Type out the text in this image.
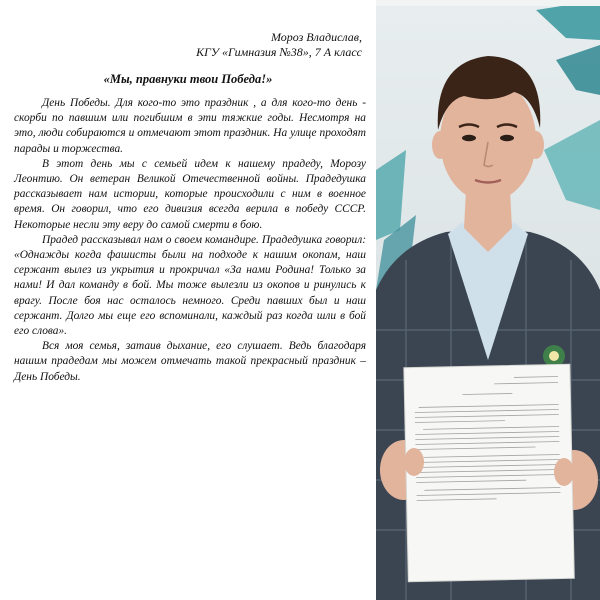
Мороз Владислав,
КГУ «Гимназия №38», 7 А класс
«Мы, правнуки твои Победа!»

День Победы. Для кого-то это праздник , а для кого-то день - скорби по павшим или погибшим в эти тяжкие годы. Несмотря на это, люди собираются и отмечают этот праздник. На улице проходят парады и торжества.

В этот день мы с семьей идем к нашему прадеду, Морозу Леонтию. Он ветеран Великой Отечественной войны. Прадедушка рассказывает нам истории, которые происходили с ним в военное время. Он говорил, что его дивизия всегда верила в победу СССР. Некоторые несли эту веру до самой смерти в бою.

Прадед рассказывал нам о своем командире. Прадедушка говорил: «Однажды когда фашисты были на подходе к нашим окопам, наш сержант вылез из укрытия и прокричал «За нами Родина! Только за нами! И дал команду в бой. Мы тоже вылезли из окопов и ринулись к врагу. После боя нас осталось немного. Среди павших был и наш сержант. Долго мы еще его вспоминали, каждый раз когда шли в бой его слова».

Вся моя семья, затаив дыхание, его слушает. Ведь благодаря нашим прадедам мы можем отмечать такой прекрасный праздник – День Победы.
